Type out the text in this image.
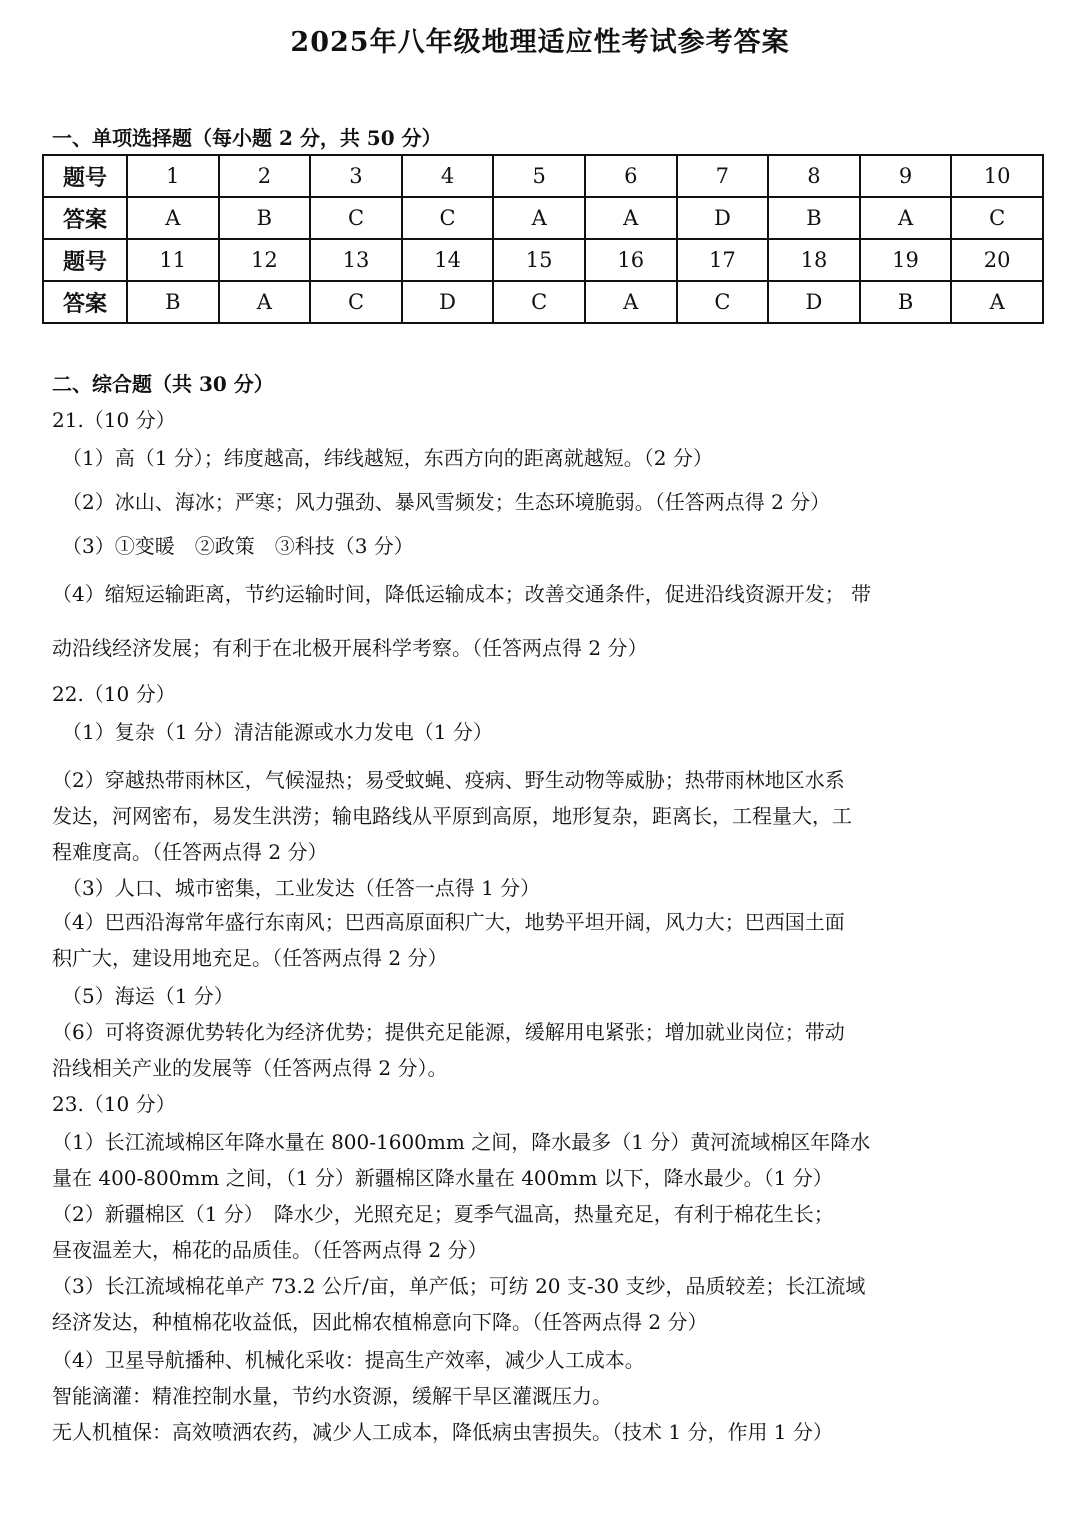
2025年八年级地理适应性考试参考答案
一、单项选择题（每小题 2 分，共 50 分）
题号	1	2	3	4	5	6	7	8	9	10
答案	A	B	C	C	A	A	D	B	A	C
题号	11	12	13	14	15	16	17	18	19	20
答案	B	A	C	D	C	A	C	D	B	A
二、综合题（共 30 分）
21.（10 分）
（1）高（1 分）；纬度越高，纬线越短，东西方向的距离就越短。（2 分）
（2）冰山、海冰；严寒；风力强劲、暴风雪频发；生态环境脆弱。（任答两点得 2 分）
（3）①变暖　②政策　③科技（3 分）
（4）缩短运输距离，节约运输时间，降低运输成本；改善交通条件，促进沿线资源开发； 带
动沿线经济发展；有利于在北极开展科学考察。（任答两点得 2 分）
22.（10 分）
（1）复杂（1 分）清洁能源或水力发电（1 分）
（2）穿越热带雨林区，气候湿热；易受蚊蝇、疫病、野生动物等威胁；热带雨林地区水系
发达，河网密布，易发生洪涝；输电路线从平原到高原，地形复杂，距离长，工程量大，工
程难度高。（任答两点得 2 分）
（3）人口、城市密集，工业发达（任答一点得 1 分）
（4）巴西沿海常年盛行东南风；巴西高原面积广大，地势平坦开阔，风力大；巴西国土面
积广大，建设用地充足。（任答两点得 2 分）
（5）海运（1 分）
（6）可将资源优势转化为经济优势；提供充足能源，缓解用电紧张；增加就业岗位；带动
沿线相关产业的发展等（任答两点得 2 分）。
23.（10 分）
（1）长江流域棉区年降水量在 800-1600mm 之间，降水最多（1 分）黄河流域棉区年降水
量在 400-800mm 之间，（1 分）新疆棉区降水量在 400mm 以下，降水最少。（1 分）
（2）新疆棉区（1 分）　降水少，光照充足；夏季气温高，热量充足，有利于棉花生长；
昼夜温差大，棉花的品质佳。（任答两点得 2 分）
（3）长江流域棉花单产 73.2 公斤/亩，单产低；可纺 20 支-30 支纱，品质较差；长江流域
经济发达，种植棉花收益低，因此棉农植棉意向下降。（任答两点得 2 分）
（4）卫星导航播种、机械化采收：提高生产效率，减少人工成本。
智能滴灌：精准控制水量，节约水资源，缓解干旱区灌溉压力。
无人机植保：高效喷洒农药，减少人工成本，降低病虫害损失。（技术 1 分，作用 1 分）
